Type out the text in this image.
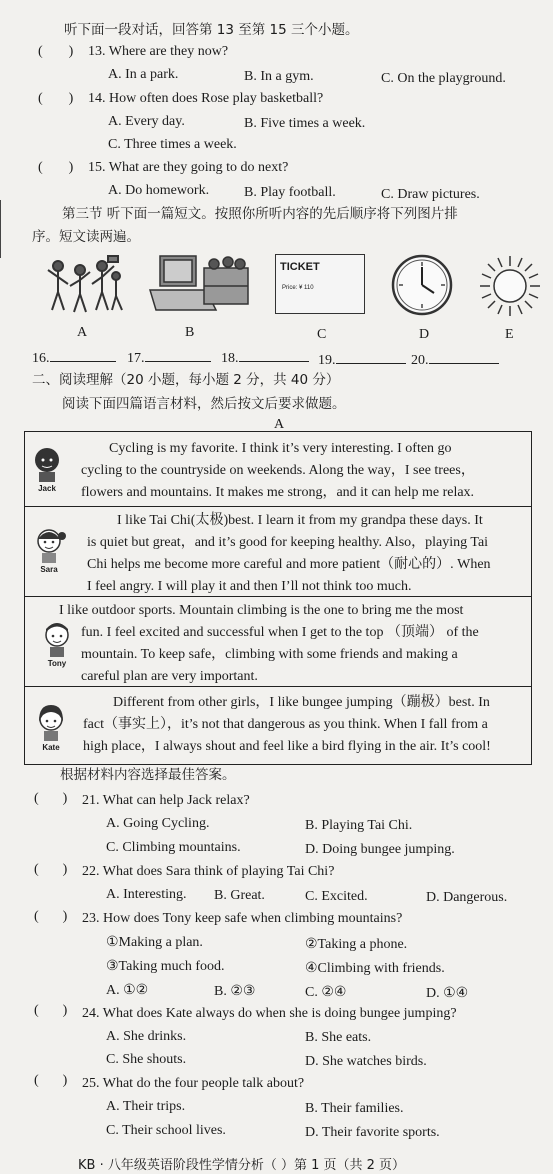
听下面一段对话，回答第 13 至第 15 三个小题。
( ) 13. Where are they now?
A. In a park.	B. In a gym.	C. On the playground.
( ) 14. How often does Rose play basketball?
A. Every day.	B. Five times a week.
C. Three times a week.
( ) 15. What are they going to do next?
A. Do homework. B. Play football.	C. Draw pictures.
第三节 听下面一篇短文。按照你所听内容的先后顺序将下列图片排
序。短文读两遍。
TICKET
Price: ¥ 110
A	B	C	D	E
16.	17.	18.	19.	20.
二、阅读理解（20 小题，每小题 2 分，共 40 分）
阅读下面四篇语言材料，然后按文后要求做题。
A
Jack
Cycling is my favorite. I think it’s very interesting. I often go
cycling to the countryside on weekends. Along the way，I see trees，
flowers and mountains. It makes me strong，and it can help me relax.
Sara
I like Tai Chi(太极)best. I learn it from my grandpa these days. It
is quiet but great，and it’s good for keeping healthy. Also，playing Tai
Chi helps me become more careful and more patient（耐心的）. When
I feel angry. I will play it and then I’ll not think too much.
Tony
I like outdoor sports. Mountain climbing is the one to bring me the most
fun. I feel excited and successful when I get to the top （顶端） of the
mountain. To keep safe，climbing with some friends and making a
careful plan are very important.
Kate
Different from other girls，I like bungee jumping（蹦极）best. In
fact（事实上），it’s not that dangerous as you think. When I fall from a
high place，I always shout and feel like a bird flying in the air. It’s cool!
根据材料内容选择最佳答案。
( ) 21. What can help Jack relax?
A. Going Cycling.	B. Playing Tai Chi.
C. Climbing mountains.	D. Doing bungee jumping.
( ) 22. What does Sara think of playing Tai Chi?
A. Interesting. B. Great.	C. Excited.	D. Dangerous.
( ) 23. How does Tony keep safe when climbing mountains?
①Making a plan.	②Taking a phone.
③Taking much food.	④Climbing with friends.
A. ①②	B. ②③	C. ②④	D. ①④
( ) 24. What does Kate always do when she is doing bungee jumping?
A. She drinks.	B. She eats.
C. She shouts.	D. She watches birds.
( ) 25. What do the four people talk about?
A. Their trips.	B. Their families.
C. Their school lives.	D. Their favorite sports.
KB · 八年级英语阶段性学情分析（ ）第 1 页（共 2 页）
